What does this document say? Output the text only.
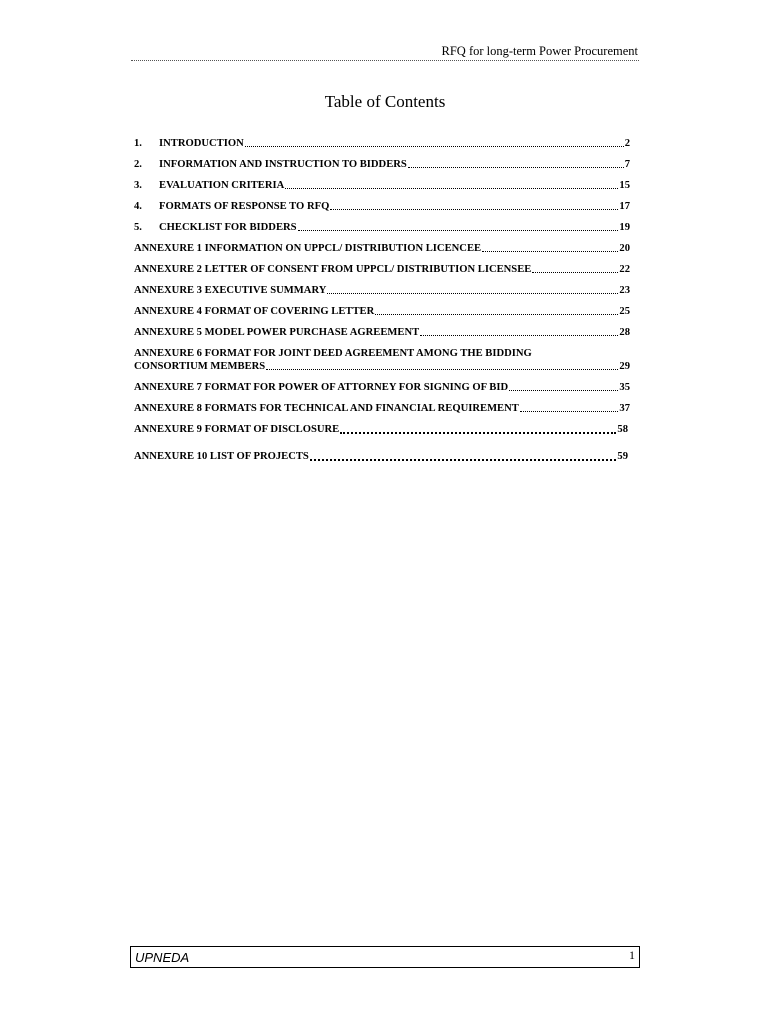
RFQ for long-term Power Procurement
Table of Contents
1.	INTRODUCTION	2
2.	INFORMATION AND INSTRUCTION TO BIDDERS	7
3.	EVALUATION CRITERIA	15
4.	FORMATS OF RESPONSE TO RFQ	17
5.	CHECKLIST FOR BIDDERS	19
ANNEXURE 1 INFORMATION ON UPPCL/ DISTRIBUTION LICENCEE	20
ANNEXURE 2 LETTER OF CONSENT FROM UPPCL/ DISTRIBUTION LICENSEE	22
ANNEXURE 3 EXECUTIVE SUMMARY	23
ANNEXURE 4 FORMAT OF COVERING LETTER	25
ANNEXURE 5 MODEL POWER PURCHASE AGREEMENT	28
ANNEXURE 6 FORMAT FOR JOINT DEED AGREEMENT AMONG THE BIDDING
CONSORTIUM MEMBERS	29
ANNEXURE 7 FORMAT FOR POWER OF ATTORNEY FOR SIGNING OF BID	35
ANNEXURE 8 FORMATS FOR TECHNICAL AND FINANCIAL REQUIREMENT	37
ANNEXURE 9 FORMAT OF DISCLOSURE	58
ANNEXURE 10 LIST OF PROJECTS	59
UPNEDA	1
